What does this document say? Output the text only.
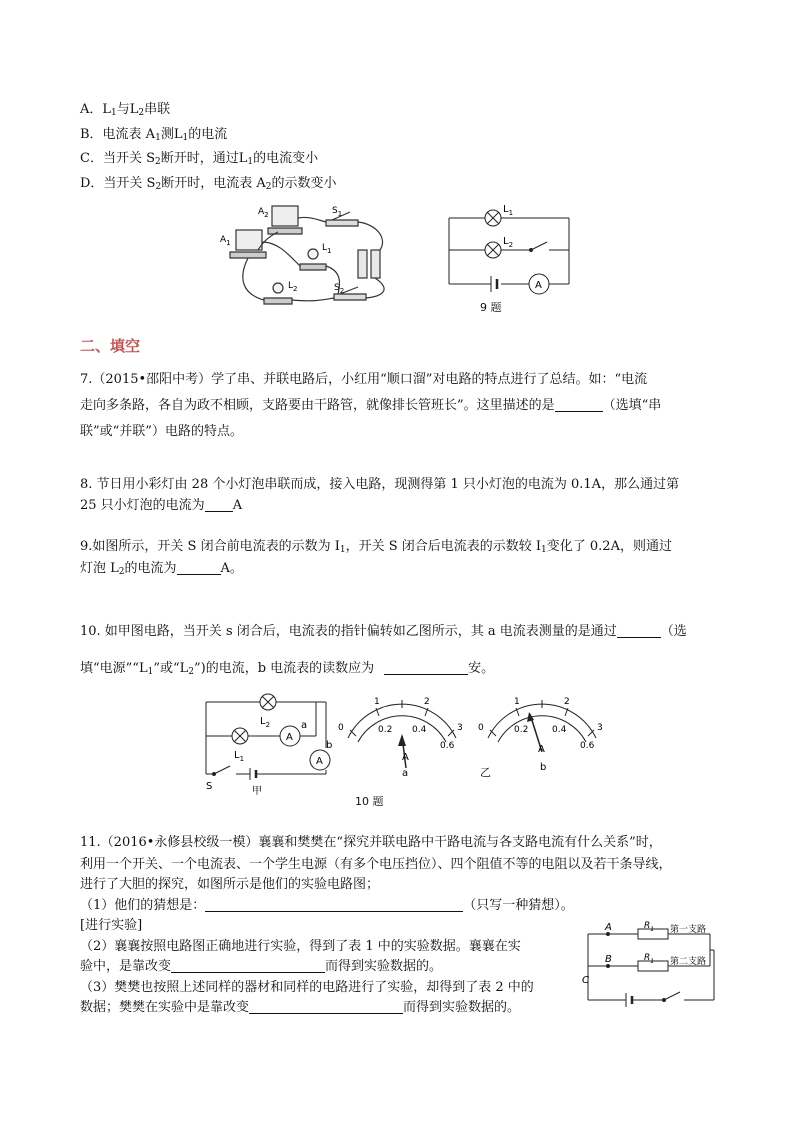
A．$L_1$与$L_2$串联
B．电流表 $A_1$测$L_1$的电流
C．当开关 $S_2$断开时，通过$L_1$的电流变小
D．当开关 $S_2$断开时，电流表 $A_2$的示数变小
$A_2$	$S_1$
$A_1$	$L_1$
$L_2$	$S_2$
$L_1$
$L_2$
A
9 题
二、填空
7.（2015•邵阳中考）学了串、并联电路后，小红用“顺口溜”对电路的特点进行了总结。如：“电流
走向多条路，各自为政不相顾，支路要由干路管，就像排长管班长”。这里描述的是	（选填“串
联”或“并联”）电路的特点。
8. 节日用小彩灯由 28 个小灯泡串联而成，接入电路，现测得第 1 只小灯泡的电流为 0.1A，那么通过第
25 只小灯泡的电流为 A
9.如图所示，开关 S 闭合前电流表的示数为 $I_1$，开关 S 闭合后电流表的示数较 $I_1$变化了 0.2A，则通过
灯泡 $L_2$的电流为	A。
10. 如甲图电路，当开关 s 闭合后，电流表的指针偏转如乙图所示，其 a 电流表测量的是通过	（选
填“电源$”“L_1$”或“$L_2$”)的电流，b 电流表的读数应为	安。
$L_2$
$L_1$
A
A
a
b
S	甲
0
1	2
3
0.2 0.4
0.6
A
a	乙
0
1	2
3
0.2	0.4
0.6
A
b
10 题
11.（2016•永修县校级一模）襄襄和樊樊在“探究并联电路中干路电流与各支路电流有什么关系”时，
利用一个开关、一个电流表、一个学生电源（有多个电压挡位）、四个阻值不等的电阻以及若干条导线，
进行了大胆的探究，如图所示是他们的实验电路图；
（1）他们的猜想是：	（只写一种猜想）。
[进行实验]
（2）襄襄按照电路图正确地进行实验，得到了表 1 中的实验数据。襄襄在实
验中，是靠改变	而得到实验数据的。
（3）樊樊也按照上述同样的器材和同样的电路进行了实验，却得到了表 2 中的
数据；樊樊在实验中是靠改变	而得到实验数据的。
A
B
C
$R_1$
$R_1$
第一支路
第二支路
